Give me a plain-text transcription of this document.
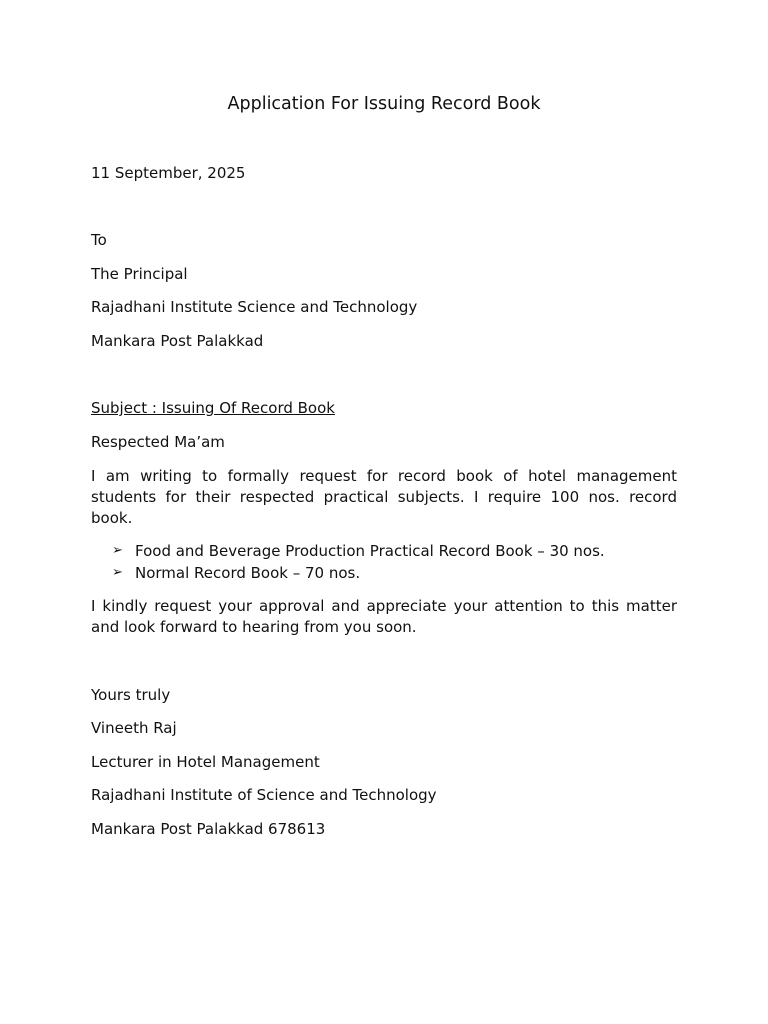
Application For Issuing Record Book
11 September, 2025
To
The Principal
Rajadhani Institute Science and Technology
Mankara Post Palakkad
Subject : Issuing Of Record Book
Respected Ma’am
I am writing to formally request for record book of hotel management students for their respected practical subjects. I require 100 nos. record book.
➢ Food and Beverage Production Practical Record Book – 30 nos.
➢ Normal Record Book – 70 nos.
I kindly request your approval and appreciate your attention to this matter and look forward to hearing from you soon.
Yours truly
Vineeth Raj
Lecturer in Hotel Management
Rajadhani Institute of Science and Technology
Mankara Post Palakkad 678613
